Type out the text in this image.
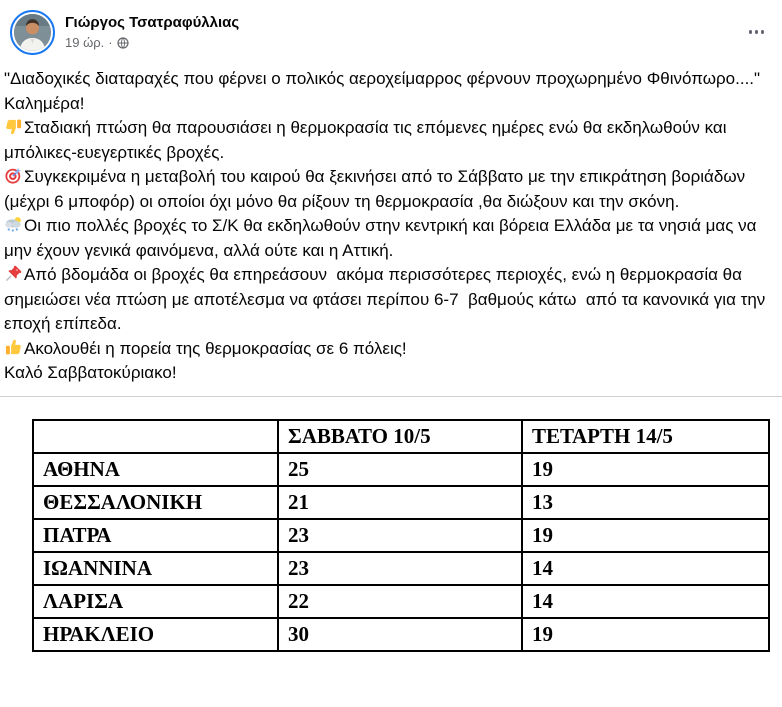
Γιώργος Τσατραφύλλιας
19 ώρ. ·
"Διαδοχικές διαταραχές που φέρνει ο πολικός αεροχείμαρρος φέρνουν προχωρημένο Φθινόπωρο...."
Καλημέρα!
Σταδιακή πτώση θα παρουσιάσει η θερμοκρασία τις επόμενες ημέρες ενώ θα εκδηλωθούν και μπόλικες-ευεγερτικές βροχές.
Συγκεκριμένα η μεταβολή του καιρού θα ξεκινήσει από το Σάββατο με την επικράτηση βοριάδων (μέχρι 6 μποφόρ) οι οποίοι όχι μόνο θα ρίξουν τη θερμοκρασία ,θα διώξουν και την σκόνη.
Οι πιο πολλές βροχές το Σ/Κ θα εκδηλωθούν στην κεντρική και βόρεια Ελλάδα με τα νησιά μας να μην έχουν γενικά φαινόμενα, αλλά ούτε και η Αττική.
Από βδομάδα οι βροχές θα επηρεάσουν  ακόμα περισσότερες περιοχές, ενώ η θερμοκρασία θα σημειώσει νέα πτώση με αποτέλεσμα να φτάσει περίπου 6-7  βαθμούς κάτω  από τα κανονικά για την εποχή επίπεδα.
Ακολουθέι η πορεία της θερμοκρασίας σε 6 πόλεις!
Καλό Σαββατοκύριακο!
	ΣΑΒΒΑΤΟ 10/5	ΤΕΤΑΡΤΗ 14/5
ΑΘΗΝΑ	25	19
ΘΕΣΣΑΛΟΝΙΚΗ	21	13
ΠΑΤΡΑ	23	19
ΙΩΑΝΝΙΝΑ	23	14
ΛΑΡΙΣΑ	22	14
ΗΡΑΚΛΕΙΟ	30	19
